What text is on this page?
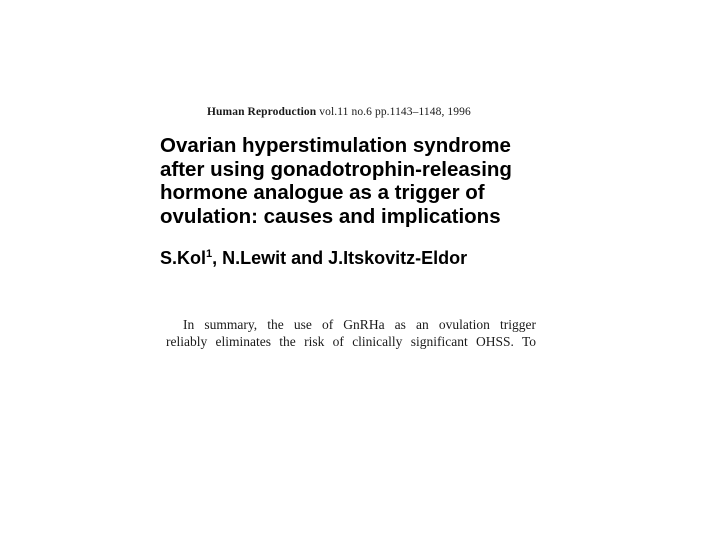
Human Reproduction vol.11 no.6 pp.1143–1148, 1996
Ovarian hyperstimulation syndrome
after using gonadotrophin-releasing
hormone analogue as a trigger of
ovulation: causes and implications
S.Kol$^1$, N.Lewit and J.Itskovitz-Eldor
In summary, the use of GnRHa as an ovulation trigger
reliably eliminates the risk of clinically significant OHSS. To
